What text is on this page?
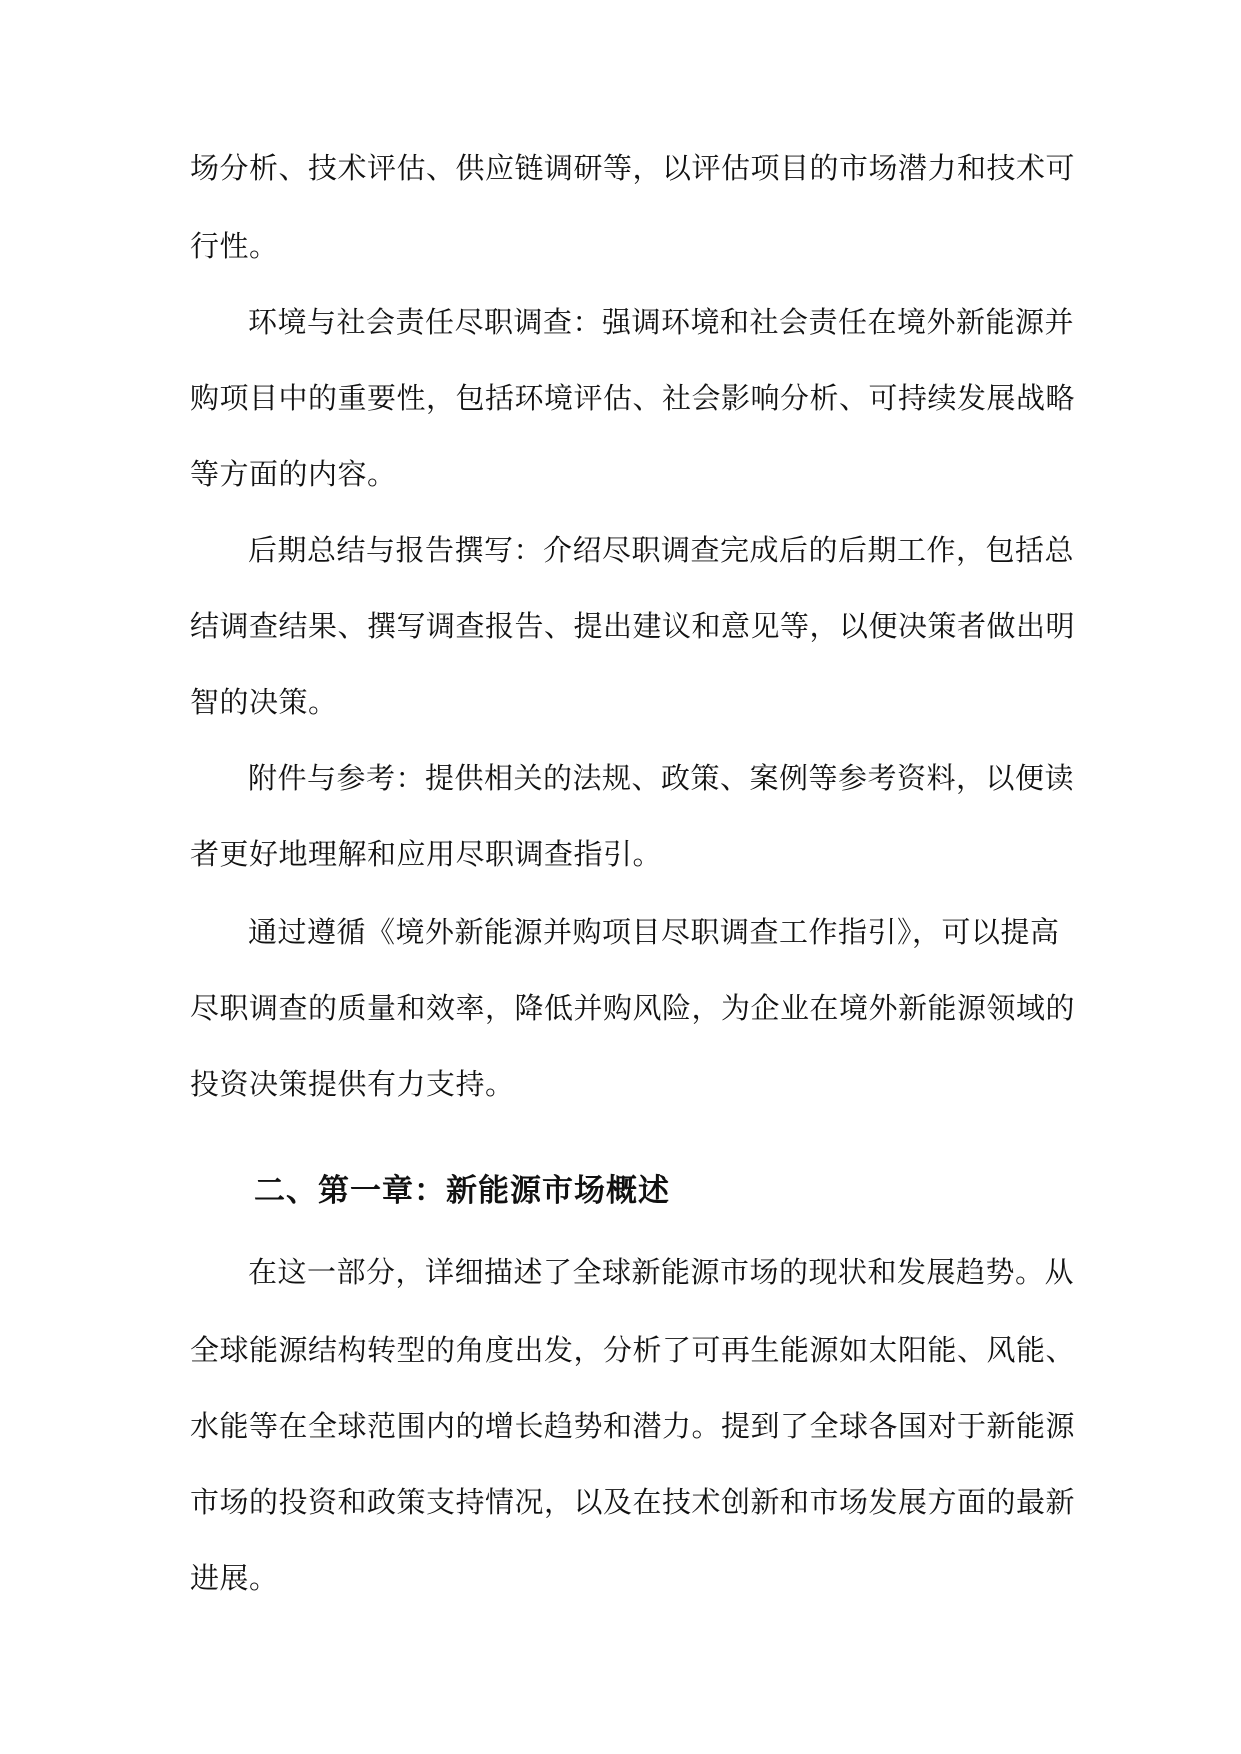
场分析、技术评估、供应链调研等，以评估项目的市场潜力和技术可
行性。
环境与社会责任尽职调查：强调环境和社会责任在境外新能源并
购项目中的重要性，包括环境评估、社会影响分析、可持续发展战略
等方面的内容。
后期总结与报告撰写：介绍尽职调查完成后的后期工作，包括总
结调查结果、撰写调查报告、提出建议和意见等，以便决策者做出明
智的决策。
附件与参考：提供相关的法规、政策、案例等参考资料，以便读
者更好地理解和应用尽职调查指引。
通过遵循《境外新能源并购项目尽职调查工作指引》，可以提高
尽职调查的质量和效率，降低并购风险，为企业在境外新能源领域的
投资决策提供有力支持。
二、第一章：新能源市场概述
在这一部分，详细描述了全球新能源市场的现状和发展趋势。从
全球能源结构转型的角度出发，分析了可再生能源如太阳能、风能、
水能等在全球范围内的增长趋势和潜力。提到了全球各国对于新能源
市场的投资和政策支持情况，以及在技术创新和市场发展方面的最新
进展。
